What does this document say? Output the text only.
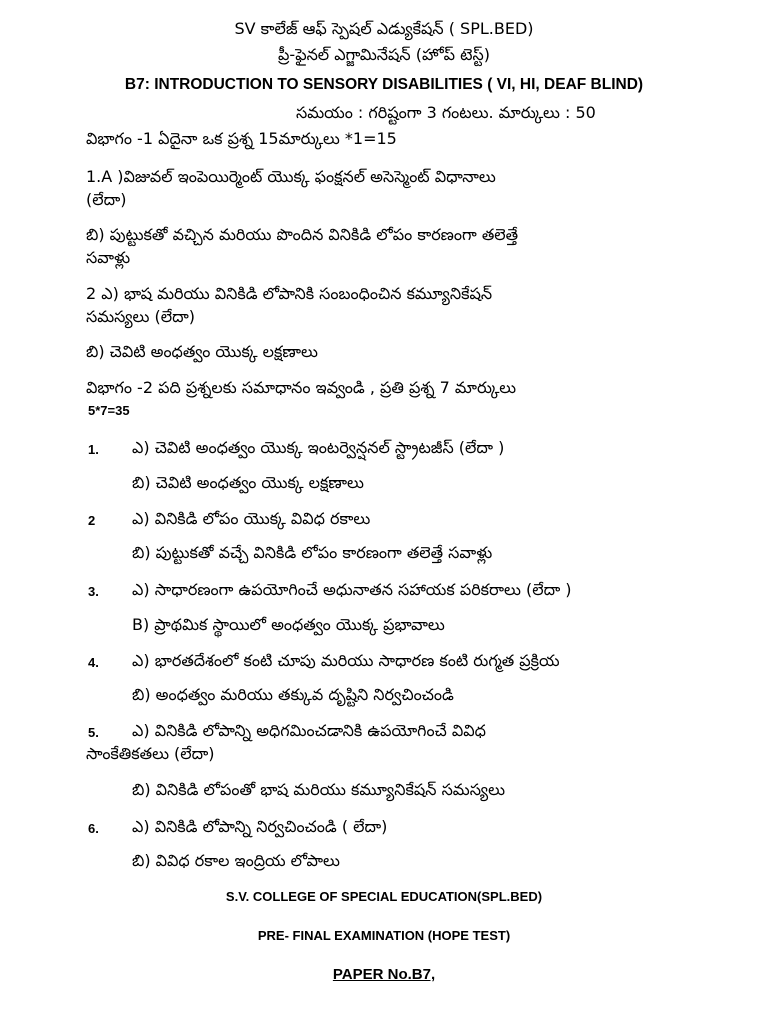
SV కాలేజ్ ఆఫ్ స్పెషల్ ఎడ్యుకేషన్ ( SPL.BED)
ప్రీ-ఫైనల్ ఎగ్జామినేషన్ (హోప్ టెస్ట్)
B7: INTRODUCTION TO SENSORY DISABILITIES ( VI, HI, DEAF BLIND)
సమయం : గరిష్టంగా 3 గంటలు. మార్కులు : 50
విభాగం -1 ఏదైనా ఒక ప్రశ్న 15మార్కులు *1=15
1.A )విజువల్ ఇంపెయిర్మెంట్ యొక్క ఫంక్షనల్ అసెస్మెంట్ విధానాలు
(లేదా)
బి) పుట్టుకతో వచ్చిన మరియు పొందిన వినికిడి లోపం కారణంగా తలెత్తే
సవాళ్లు
2 ఎ) భాష మరియు వినికిడి లోపానికి సంబంధించిన కమ్యూనికేషన్
సమస్యలు (లేదా)
బి) చెవిటి అంధత్వం యొక్క లక్షణాలు
విభాగం -2 పది ప్రశ్నలకు సమాధానం ఇవ్వండి , ప్రతి ప్రశ్న 7 మార్కులు
5*7=35
1. ఎ) చెవిటి అంధత్వం యొక్క ఇంటర్వెన్షనల్ స్ట్రాటజీస్ (లేదా )
బి) చెవిటి అంధత్వం యొక్క లక్షణాలు
2 ఎ) వినికిడి లోపం యొక్క వివిధ రకాలు
బి) పుట్టుకతో వచ్చే వినికిడి లోపం కారణంగా తలెత్తే సవాళ్లు
3. ఎ) సాధారణంగా ఉపయోగించే అధునాతన సహాయక పరికరాలు (లేదా )
B) ప్రాథమిక స్థాయిలో అంధత్వం యొక్క ప్రభావాలు
4. ఎ) భారతదేశంలో కంటి చూపు మరియు సాధారణ కంటి రుగ్మత ప్రక్రియ
బి) అంధత్వం మరియు తక్కువ దృష్టిని నిర్వచించండి
5. ఎ) వినికిడి లోపాన్ని అధిగమించడానికి ఉపయోగించే వివిధ
సాంకేతికతలు (లేదా)
బి) వినికిడి లోపంతో భాష మరియు కమ్యూనికేషన్ సమస్యలు
6. ఎ) వినికిడి లోపాన్ని నిర్వచించండి ( లేదా)
బి) వివిధ రకాల ఇంద్రియ లోపాలు
S.V. COLLEGE OF SPECIAL EDUCATION(SPL.BED)
PRE- FINAL EXAMINATION (HOPE TEST)
PAPER No.B7,
